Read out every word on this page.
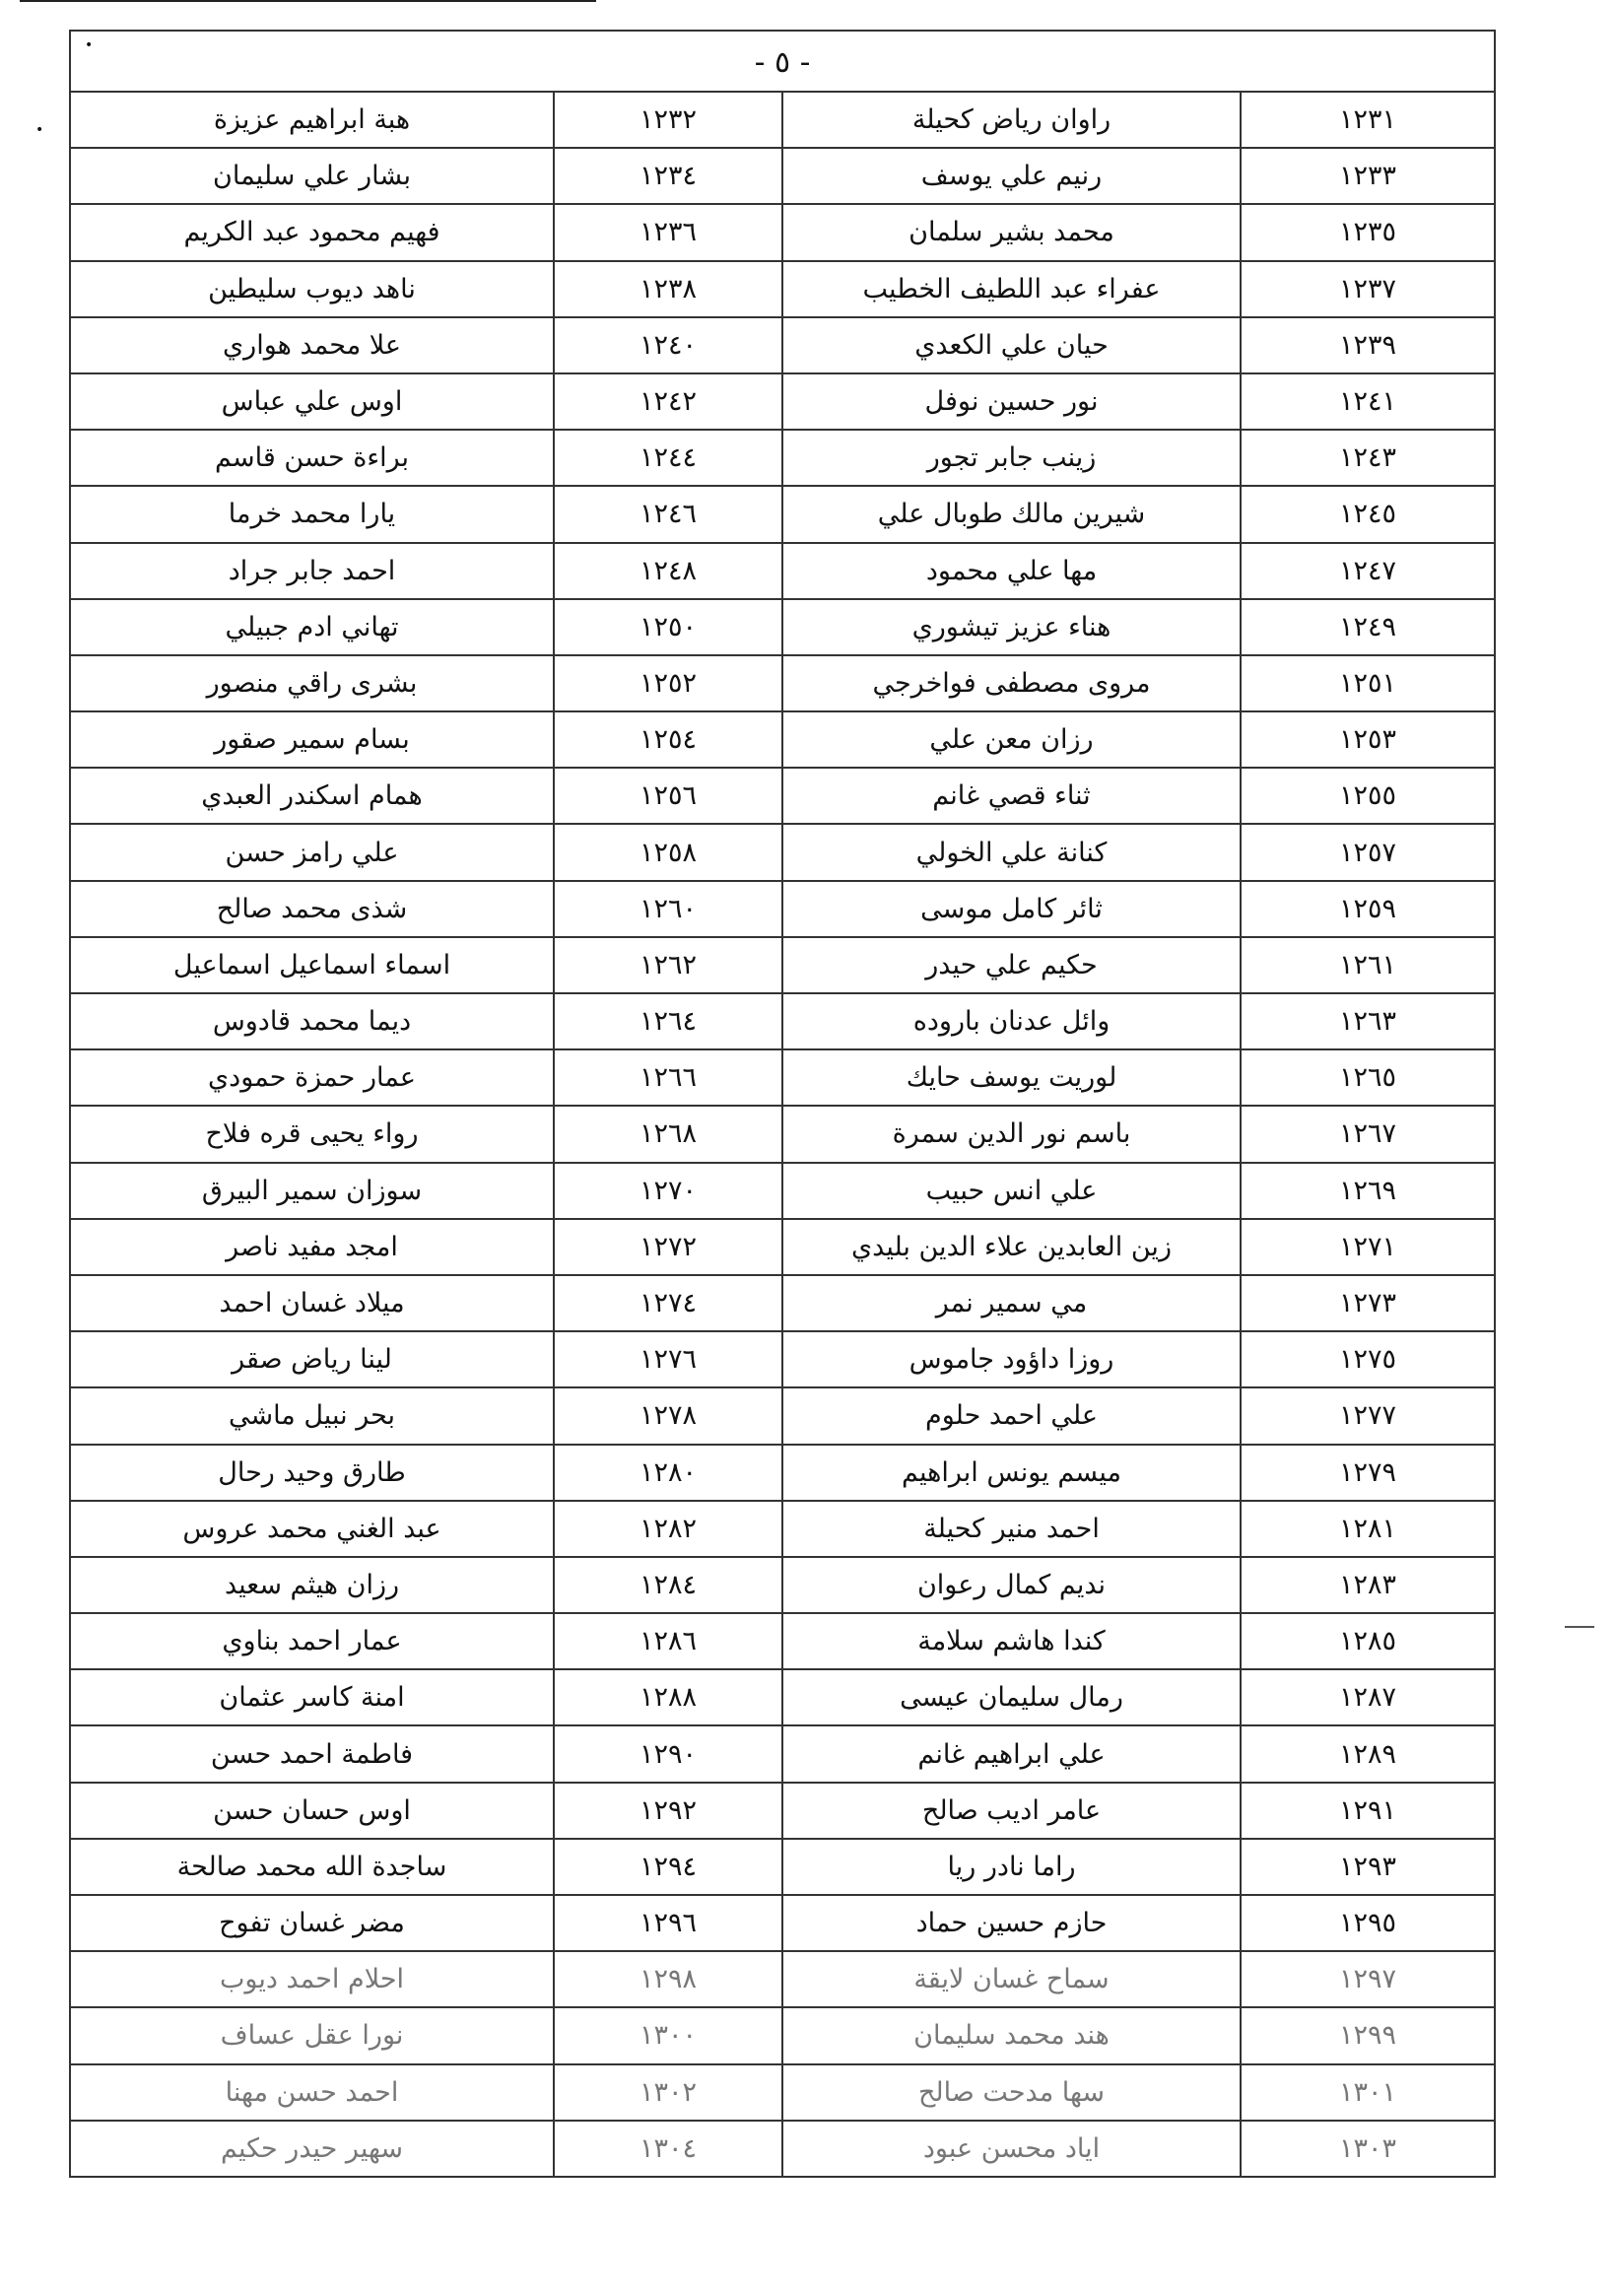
•
•	- ٥ -
١٢٣١
راوان رياض كحيلة
١٢٣٢
هبة ابراهيم عزيزة
١٢٣٣
رنيم علي يوسف
١٢٣٤
بشار علي سليمان
١٢٣٥
محمد بشير سلمان
١٢٣٦
فهيم محمود عبد الكريم
١٢٣٧
عفراء عبد اللطيف الخطيب
١٢٣٨
ناهد ديوب سليطين
١٢٣٩
حيان علي الكعدي
١٢٤٠
علا محمد هواري
١٢٤١
نور حسين نوفل
١٢٤٢
اوس علي عباس
١٢٤٣
زينب جابر تجور
١٢٤٤
براءة حسن قاسم
١٢٤٥
شيرين مالك طوبال علي
١٢٤٦
يارا محمد خرما
١٢٤٧
مها علي محمود
١٢٤٨
احمد جابر جراد
١٢٤٩
هناء عزيز تيشوري
١٢٥٠
تهاني ادم جبيلي
١٢٥١
مروى مصطفى فواخرجي
١٢٥٢
بشرى راقي منصور
١٢٥٣
رزان معن علي
١٢٥٤
بسام سمير صقور
١٢٥٥
ثناء قصي غانم
١٢٥٦
همام اسكندر العبدي
١٢٥٧
كنانة علي الخولي
١٢٥٨
علي رامز حسن
١٢٥٩
ثائر كامل موسى
١٢٦٠
شذى محمد صالح
١٢٦١
حكيم علي حيدر
١٢٦٢
اسماء اسماعيل اسماعيل
١٢٦٣
وائل عدنان باروده
١٢٦٤
ديما محمد قادوس
١٢٦٥
لوريت يوسف حايك
١٢٦٦
عمار حمزة حمودي
١٢٦٧
باسم نور الدين سمرة
١٢٦٨
رواء يحيى قره فلاح
١٢٦٩
علي انس حبيب
١٢٧٠
سوزان سمير البيرق
١٢٧١
زين العابدين علاء الدين بليدي
١٢٧٢
امجد مفيد ناصر
١٢٧٣
مي سمير نمر
١٢٧٤
ميلاد غسان احمد
١٢٧٥
روزا داؤود جاموس
١٢٧٦
لينا رياض صقر
١٢٧٧
علي احمد حلوم
١٢٧٨
بحر نبيل ماشي
١٢٧٩
ميسم يونس ابراهيم
١٢٨٠
طارق وحيد رحال
١٢٨١
احمد منير كحيلة
١٢٨٢
عبد الغني محمد عروس
١٢٨٣
نديم كمال رعوان
١٢٨٤
رزان هيثم سعيد
١٢٨٥
كندا هاشم سلامة
١٢٨٦
عمار احمد بناوي
١٢٨٧
رمال سليمان عيسى
١٢٨٨
امنة كاسر عثمان
١٢٨٩
علي ابراهيم غانم
١٢٩٠
فاطمة احمد حسن
١٢٩١
عامر اديب صالح
١٢٩٢
اوس حسان حسن
١٢٩٣
راما نادر ريا
١٢٩٤
ساجدة الله محمد صالحة
١٢٩٥
حازم حسين حماد
١٢٩٦
مضر غسان تفوح
١٢٩٧
سماح غسان لايقة
١٢٩٨
احلام احمد ديوب
١٢٩٩
هند محمد سليمان
١٣٠٠
نورا عقل عساف
١٣٠١
سها مدحت صالح
١٣٠٢
احمد حسن مهنا
١٣٠٣
اياد محسن عبود
١٣٠٤
سهير حيدر حكيم
